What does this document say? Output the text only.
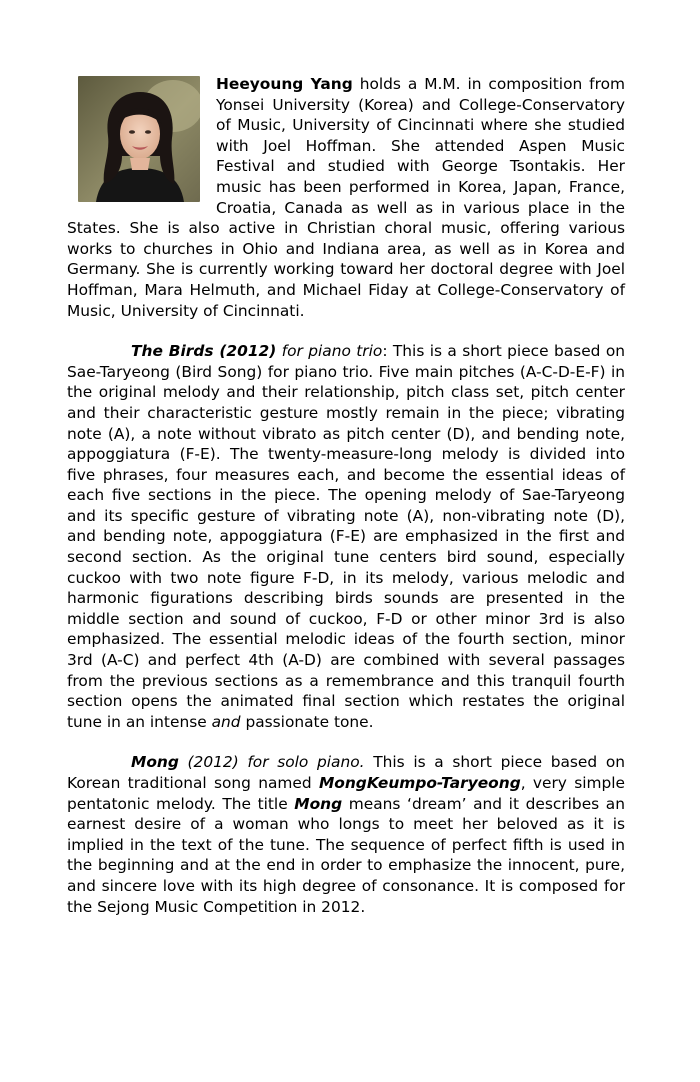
Heeyoung Yang holds a M.M. in composition from Yonsei University (Korea) and College-Conservatory of Music, University of Cincinnati where she studied with Joel Hoffman. She attended Aspen Music Festival and studied with George Tsontakis. Her music has been performed in Korea, Japan, France, Croatia, Canada as well as in various place in the States. She is also active in Christian choral music, offering various works to churches in Ohio and Indiana area, as well as in Korea and Germany. She is currently working toward her doctoral degree with Joel Hoffman, Mara Helmuth, and Michael Fiday at College-Conservatory of Music, University of Cincinnati.

The Birds (2012) for piano trio: This is a short piece based on Sae-Taryeong (Bird Song) for piano trio. Five main pitches (A-C-D-E-F) in the original melody and their relationship, pitch class set, pitch center and their characteristic gesture mostly remain in the piece; vibrating note (A), a note without vibrato as pitch center (D), and bending note, appoggiatura (F-E). The twenty-measure-long melody is divided into five phrases, four measures each, and become the essential ideas of each five sections in the piece. The opening melody of Sae-Taryeong and its specific gesture of vibrating note (A), non-vibrating note (D), and bending note, appoggiatura (F-E) are emphasized in the first and second section. As the original tune centers bird sound, especially cuckoo with two note figure F-D, in its melody, various melodic and harmonic figurations describing birds sounds are presented in the middle section and sound of cuckoo, F-D or other minor 3rd is also emphasized. The essential melodic ideas of the fourth section, minor 3rd (A-C) and perfect 4th (A-D) are combined with several passages from the previous sections as a remembrance and this tranquil fourth section opens the animated final section which restates the original tune in an intense and passionate tone.

Mong (2012) for solo piano. This is a short piece based on Korean traditional song named MongKeumpo-Taryeong, very simple pentatonic melody. The title Mong means ‘dream’ and it describes an earnest desire of a woman who longs to meet her beloved as it is implied in the text of the tune. The sequence of perfect fifth is used in the beginning and at the end in order to emphasize the innocent, pure, and sincere love with its high degree of consonance. It is composed for the Sejong Music Competition in 2012.
